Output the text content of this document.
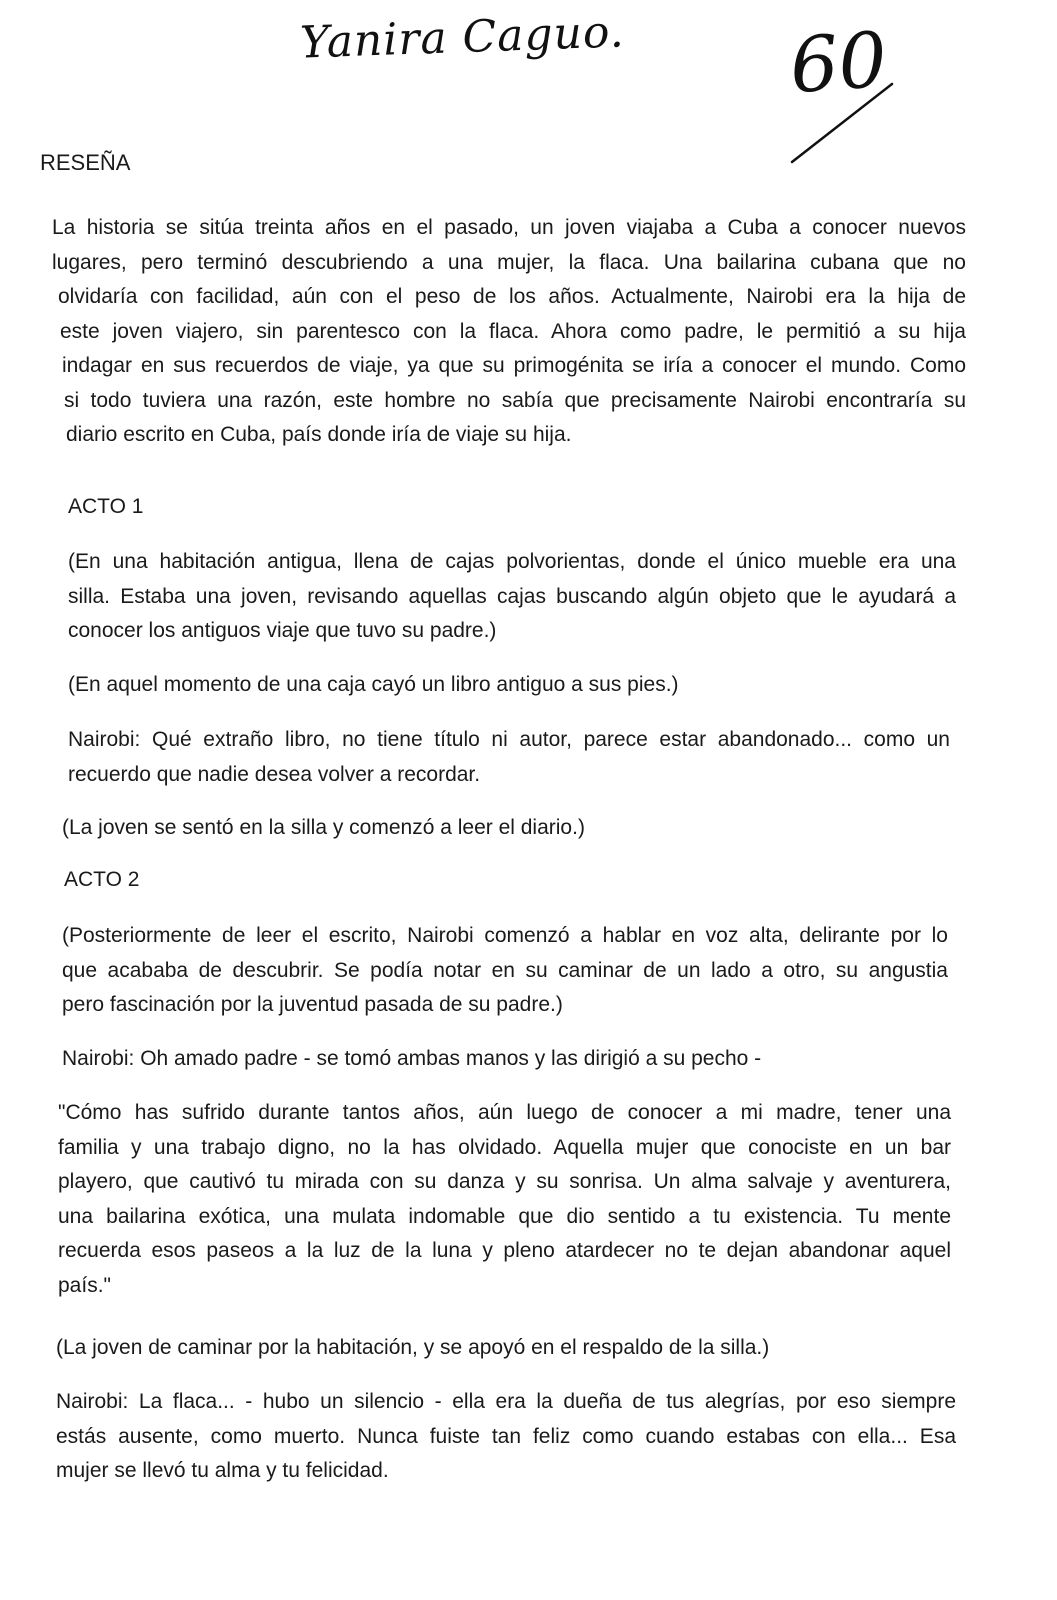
Yanira Caguo. 60
RESEÑA
La historia se sitúa treinta años en el pasado, un joven viajaba a Cuba a conocer nuevos
lugares, pero terminó descubriendo a una mujer, la flaca. Una bailarina cubana que no
olvidaría con facilidad, aún con el peso de los años. Actualmente, Nairobi era la hija de
este joven viajero, sin parentesco con la flaca. Ahora como padre, le permitió a su hija
indagar en sus recuerdos de viaje, ya que su primogénita se iría a conocer el mundo. Como
si todo tuviera una razón, este hombre no sabía que precisamente Nairobi encontraría su
diario escrito en Cuba, país donde iría de viaje su hija.
ACTO 1
(En una habitación antigua, llena de cajas polvorientas, donde el único mueble era una
silla. Estaba una joven, revisando aquellas cajas buscando algún objeto que le ayudará a
conocer los antiguos viaje que tuvo su padre.)
(En aquel momento de una caja cayó un libro antiguo a sus pies.)
Nairobi: Qué extraño libro, no tiene título ni autor, parece estar abandonado... como un
recuerdo que nadie desea volver a recordar.
(La joven se sentó en la silla y comenzó a leer el diario.)
ACTO 2
(Posteriormente de leer el escrito, Nairobi comenzó a hablar en voz alta, delirante por lo
que acababa de descubrir. Se podía notar en su caminar de un lado a otro, su angustia
pero fascinación por la juventud pasada de su padre.)
Nairobi: Oh amado padre - se tomó ambas manos y las dirigió a su pecho -
"Cómo has sufrido durante tantos años, aún luego de conocer a mi madre, tener una
familia y una trabajo digno, no la has olvidado. Aquella mujer que conociste en un bar
playero, que cautivó tu mirada con su danza y su sonrisa. Un alma salvaje y aventurera,
una bailarina exótica, una mulata indomable que dio sentido a tu existencia. Tu mente
recuerda esos paseos a la luz de la luna y pleno atardecer no te dejan abandonar aquel
país."
(La joven de caminar por la habitación, y se apoyó en el respaldo de la silla.)
Nairobi: La flaca... - hubo un silencio - ella era la dueña de tus alegrías, por eso siempre
estás ausente, como muerto. Nunca fuiste tan feliz como cuando estabas con ella... Esa
mujer se llevó tu alma y tu felicidad.
